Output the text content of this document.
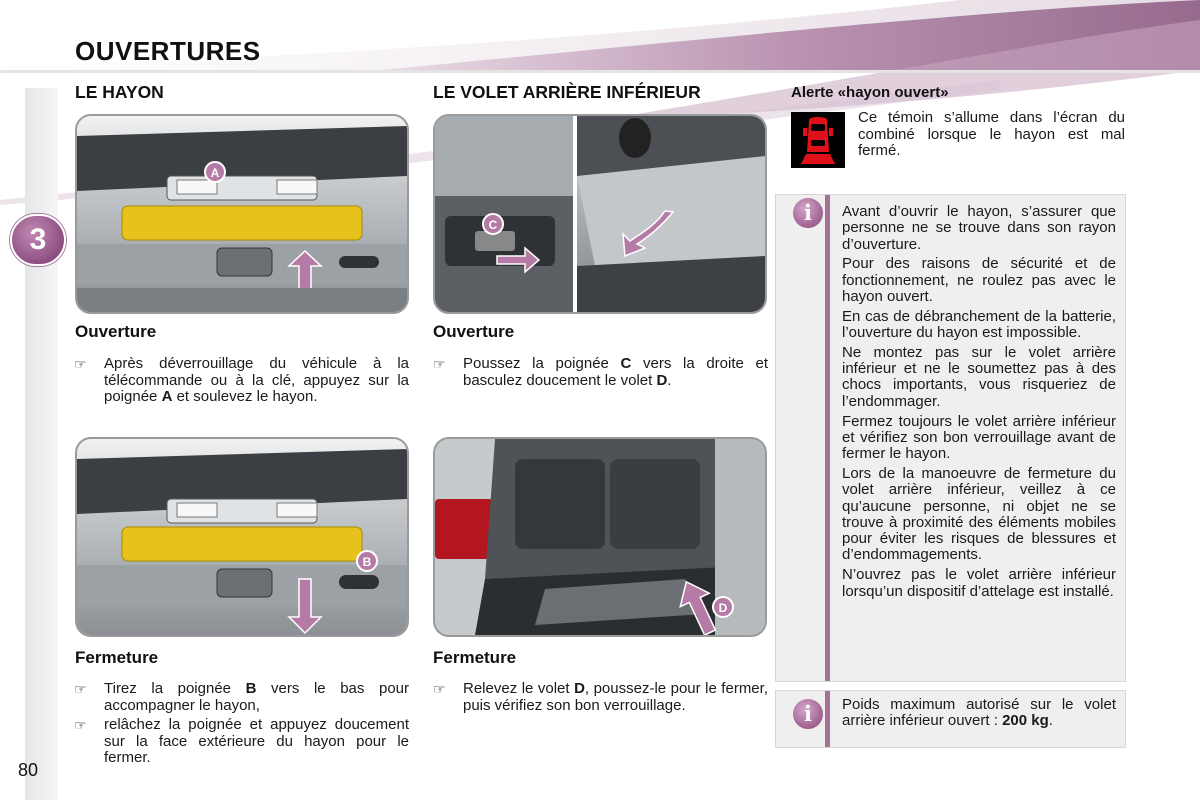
OUVERTURES
3
80
LE HAYON
A
Ouverture
☞ Après déverrouillage du véhicule à la télécommande ou à la clé, appuyez sur la poignée A et soulevez le hayon.
B
Fermeture
☞ Tirez la poignée B vers le bas pour accompagner le hayon,
☞ relâchez la poignée et appuyez doucement sur la face extérieure du hayon pour le fermer.
LE VOLET ARRIÈRE INFÉRIEUR
C
Ouverture
☞ Poussez la poignée C vers la droite et basculez doucement le volet D.
D
Fermeture
☞ Relevez le volet D, poussez-le pour le fermer, puis vérifiez son bon verrouillage.
Alerte «hayon ouvert»
Ce témoin s’allume dans l’écran du combiné lorsque le hayon est mal fermé.
i	Avant d’ouvrir le hayon, s’assurer que personne ne se trouve dans son rayon d’ouverture.

Pour des raisons de sécurité et de fonctionnement, ne roulez pas avec le hayon ouvert.

En cas de débranchement de la batterie, l’ouverture du hayon est impossible.

Ne montez pas sur le volet arrière inférieur et ne le soumettez pas à des chocs importants, vous risqueriez de l’endommager.

Fermez toujours le volet arrière inférieur et vérifiez son bon verrouillage avant de fermer le hayon.

Lors de la manoeuvre de fermeture du volet arrière inférieur, veillez à ce qu’aucune personne, ni objet ne se trouve à proximité des éléments mobiles pour éviter les risques de blessures et d’endommagements.

N’ouvrez pas le volet arrière inférieur lorsqu’un dispositif d’attelage est installé.

i	Poids maximum autorisé sur le volet arrière inférieur ouvert : 200 kg.
